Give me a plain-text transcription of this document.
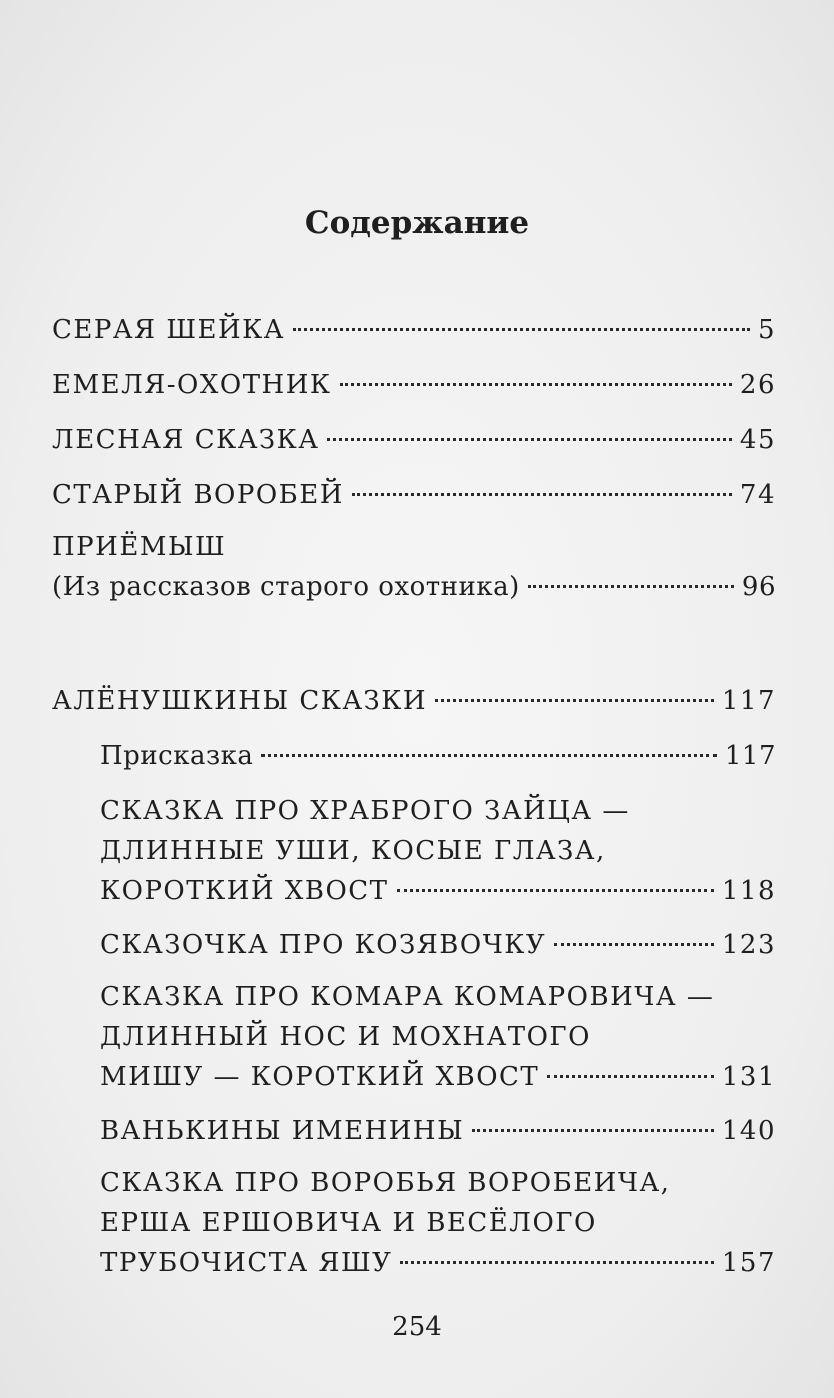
Содержание
СЕРАЯ ШЕЙКА	5
ЕМЕЛЯ-ОХОТНИК	26
ЛЕСНАЯ СКАЗКА	45
СТАРЫЙ ВОРОБЕЙ	74
ПРИЁМЫШ
(Из рассказов старого охотника)	96
АЛЁНУШКИНЫ СКАЗКИ	117
Присказка	117
СКАЗКА ПРО ХРАБРОГО ЗАЙЦА —
ДЛИННЫЕ УШИ, КОСЫЕ ГЛАЗА,
КОРОТКИЙ ХВОСТ	118
СКАЗОЧКА ПРО КОЗЯВОЧКУ	123
СКАЗКА ПРО КОМАРА КОМАРОВИЧА —
ДЛИННЫЙ НОС И МОХНАТОГО
МИШУ — КОРОТКИЙ ХВОСТ	131
ВАНЬКИНЫ ИМЕНИНЫ	140
СКАЗКА ПРО ВОРОБЬЯ ВОРОБЕИЧА,
ЕРША ЕРШОВИЧА И ВЕСЁЛОГО
ТРУБОЧИСТА ЯШУ	157
254
